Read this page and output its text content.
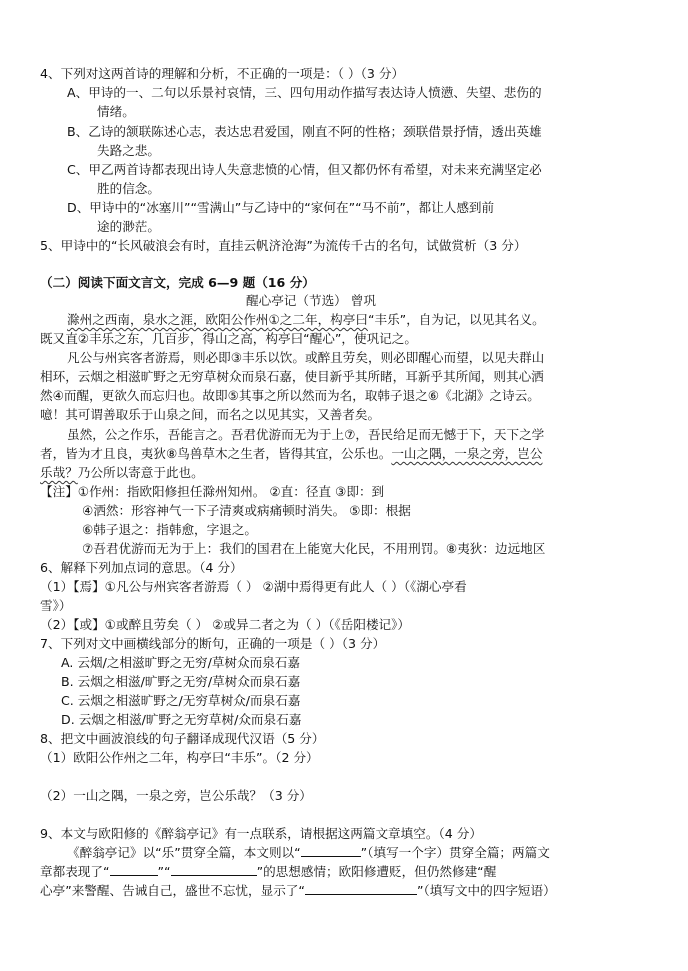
4、下列对这两首诗的理解和分析，不正确的一项是：（ ）（3 分）
A、甲诗的一、二句以乐景衬哀情，三、四句用动作描写表达诗人愤懑、失望、悲伤的
情绪。
B、乙诗的颔联陈述心志，表达忠君爱国，刚直不阿的性格；颈联借景抒情，透出英雄
失路之悲。
C、甲乙两首诗都表现出诗人失意悲愤的心情，但又都仍怀有希望，对未来充满坚定必
胜的信念。
D、甲诗中的“冰塞川”“雪满山”与乙诗中的“家何在”“马不前”，都让人感到前
途的渺茫。
5、甲诗中的“长风破浪会有时，直挂云帆济沧海”为流传千古的名句，试做赏析（3 分）
（二）阅读下面文言文，完成 6—9 题（16 分）
醒心亭记（节选） 曾巩
滁州之西南，泉水之涯，欧阳公作州①之二年，构亭曰“丰乐”，自为记，以见其名义。
既又直②丰乐之东，几百步，得山之高，构亭曰“醒心”，使巩记之。
凡公与州宾客者游焉，则必即③丰乐以饮。或醉且劳矣，则必即醒心而望，以见夫群山
相环，云烟之相滋旷野之无穷草树众而泉石嘉，使目新乎其所睹，耳新乎其所闻，则其心洒
然④而醒，更欲久而忘归也。故即⑤其事之所以然而为名，取韩子退之⑥《北湖》之诗云。
噫！其可谓善取乐于山泉之间，而名之以见其实，又善者矣。
虽然，公之作乐，吾能言之。吾君优游而无为于上⑦，吾民给足而无憾于下，天下之学
者，皆为才且良，夷狄⑧鸟兽草木之生者，皆得其宜，公乐也。一山之隅，一泉之旁，岂公
乐哉？乃公所以寄意于此也。
【注】①作州：指欧阳修担任滁州知州。 ②直：径直 ③即：到
④洒然：形容神气一下子清爽或病痛顿时消失。 ⑤即：根据
⑥韩子退之：指韩愈，字退之。
⑦吾君优游而无为于上：我们的国君在上能宽大化民，不用刑罚。⑧夷狄：边远地区
6、解释下列加点词的意思。（4 分）
（1）【焉】①凡公与州宾客者游焉（ ） ②湖中焉得更有此人（ ）（《湖心亭看
雪》）
（2）【或】①或醉且劳矣（ ） ②或异二者之为（ ）（《岳阳楼记》）
7、下列对文中画横线部分的断句，正确的一项是（ ）（3 分）
A. 云烟/之相滋旷野之无穷/草树众而泉石嘉
B. 云烟之相滋/旷野之无穷/草树众而泉石嘉
C. 云烟之相滋旷野之/无穷草树众/而泉石嘉
D. 云烟之相滋/旷野之无穷草树/众而泉石嘉
8、把文中画波浪线的句子翻译成现代汉语（5 分）
（1）欧阳公作州之二年，构亭曰“丰乐”。（2 分）
（2）一山之隅，一泉之旁，岂公乐哉？（3 分）
9、本文与欧阳修的《醉翁亭记》有一点联系，请根据这两篇文章填空。（4 分）
《醉翁亭记》以“乐”贯穿全篇，本文则以“	”（填写一个字）贯穿全篇；两篇文
章都表现了“	”“	”的思想感情；欧阳修遭贬，但仍然修建“醒
心亭”来警醒、告诫自己，盛世不忘忧，显示了“	”（填写文中的四字短语）
